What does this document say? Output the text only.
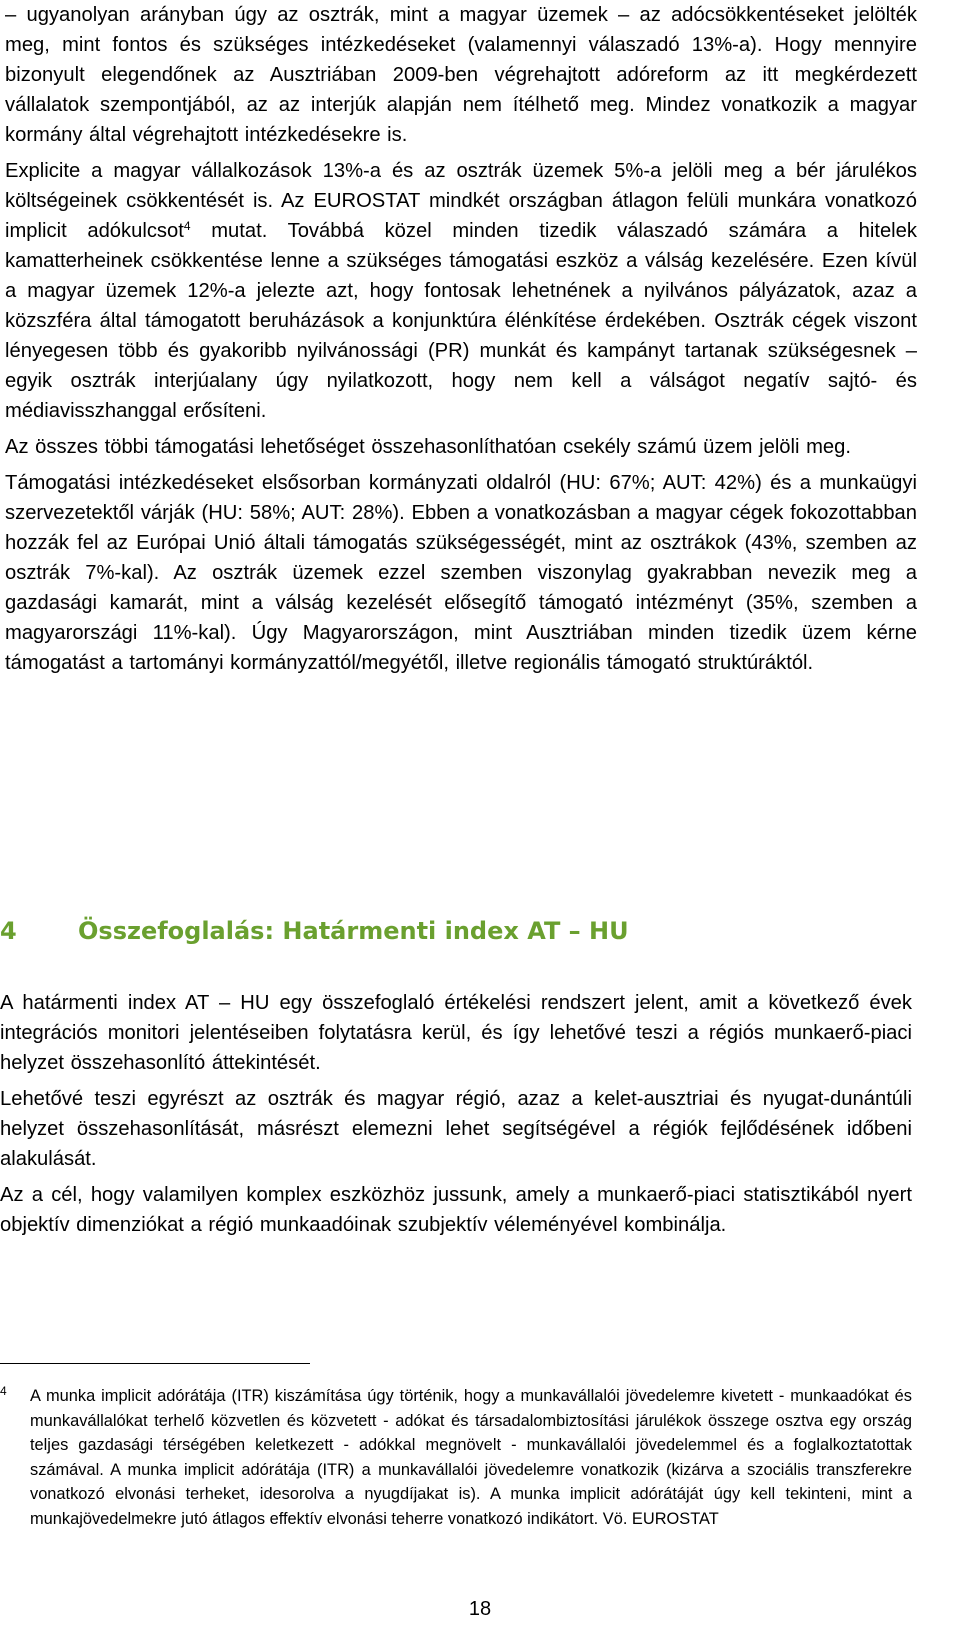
– ugyanolyan arányban úgy az osztrák, mint a magyar üzemek – az adócsökkentéseket jelölték meg, mint fontos és szükséges intézkedéseket (valamennyi válaszadó 13%-a). Hogy mennyire bizonyult elegendőnek az Ausztriában 2009-ben végrehajtott adóreform az itt megkérdezett vállalatok szempontjából, az az interjúk alapján nem ítélhető meg. Mindez vonatkozik a magyar kormány által végrehajtott intézkedésekre is.

Explicite a magyar vállalkozások 13%-a és az osztrák üzemek 5%-a jelöli meg a bér járulékos költségeinek csökkentését is. Az EUROSTAT mindkét országban átlagon felüli munkára vonatkozó implicit adókulcsot$^4$ mutat. Továbbá közel minden tizedik válaszadó számára a hitelek kamatterheinek csökkentése lenne a szükséges támogatási eszköz a válság kezelésére. Ezen kívül a magyar üzemek 12%-a jelezte azt, hogy fontosak lehetnének a nyilvános pályázatok, azaz a közszféra által támogatott beruházások a konjunktúra élénkítése érdekében. Osztrák cégek viszont lényegesen több és gyakoribb nyilvánossági (PR) munkát és kampányt tartanak szükségesnek – egyik osztrák interjúalany úgy nyilatkozott, hogy nem kell a válságot negatív sajtó- és médiavisszhanggal erősíteni.

Az összes többi támogatási lehetőséget összehasonlíthatóan csekély számú üzem jelöli meg.

Támogatási intézkedéseket elsősorban kormányzati oldalról (HU: 67%; AUT: 42%) és a munkaügyi szervezetektől várják (HU: 58%; AUT: 28%). Ebben a vonatkozásban a magyar cégek fokozottabban hozzák fel az Európai Unió általi támogatás szükségességét, mint az osztrákok (43%, szemben az osztrák 7%-kal). Az osztrák üzemek ezzel szemben viszonylag gyakrabban nevezik meg a gazdasági kamarát, mint a válság kezelését elősegítő támogató intézményt (35%, szemben a magyarországi 11%-kal). Úgy Magyarországon, mint Ausztriában minden tizedik üzem kérne támogatást a tartományi kormányzattól/megyétől, illetve regionális támogató struktúráktól.

4	Összefoglalás: Határmenti index AT – HU

A határmenti index AT – HU egy összefoglaló értékelési rendszert jelent, amit a következő évek integrációs monitori jelentéseiben folytatásra kerül, és így lehetővé teszi a régiós munkaerő-piaci helyzet összehasonlító áttekintését.

Lehetővé teszi egyrészt az osztrák és magyar régió, azaz a kelet-ausztriai és nyugat-dunántúli helyzet összehasonlítását, másrészt elemezni lehet segítségével a régiók fejlődésének időbeni alakulását.

Az a cél, hogy valamilyen komplex eszközhöz jussunk, amely a munkaerő-piaci statisztikából nyert objektív dimenziókat a régió munkaadóinak szubjektív véleményével kombinálja.

4 A munka implicit adórátája (ITR) kiszámítása úgy történik, hogy a munkavállalói jövedelemre kivetett - munkaadókat és munkavállalókat terhelő közvetlen és közvetett - adókat és társadalombiztosítási járulékok összege osztva egy ország teljes gazdasági térségében keletkezett - adókkal megnövelt - munkavállalói jövedelemmel és a foglalkoztatottak számával. A munka implicit adórátája (ITR) a munkavállalói jövedelemre vonatkozik (kizárva a szociális transzferekre vonatkozó elvonási terheket, idesorolva a nyugdíjakat is). A munka implicit adórátáját úgy kell tekinteni, mint a munkajövedelmekre jutó átlagos effektív elvonási teherre vonatkozó indikátort. Vö. EUROSTAT

18
